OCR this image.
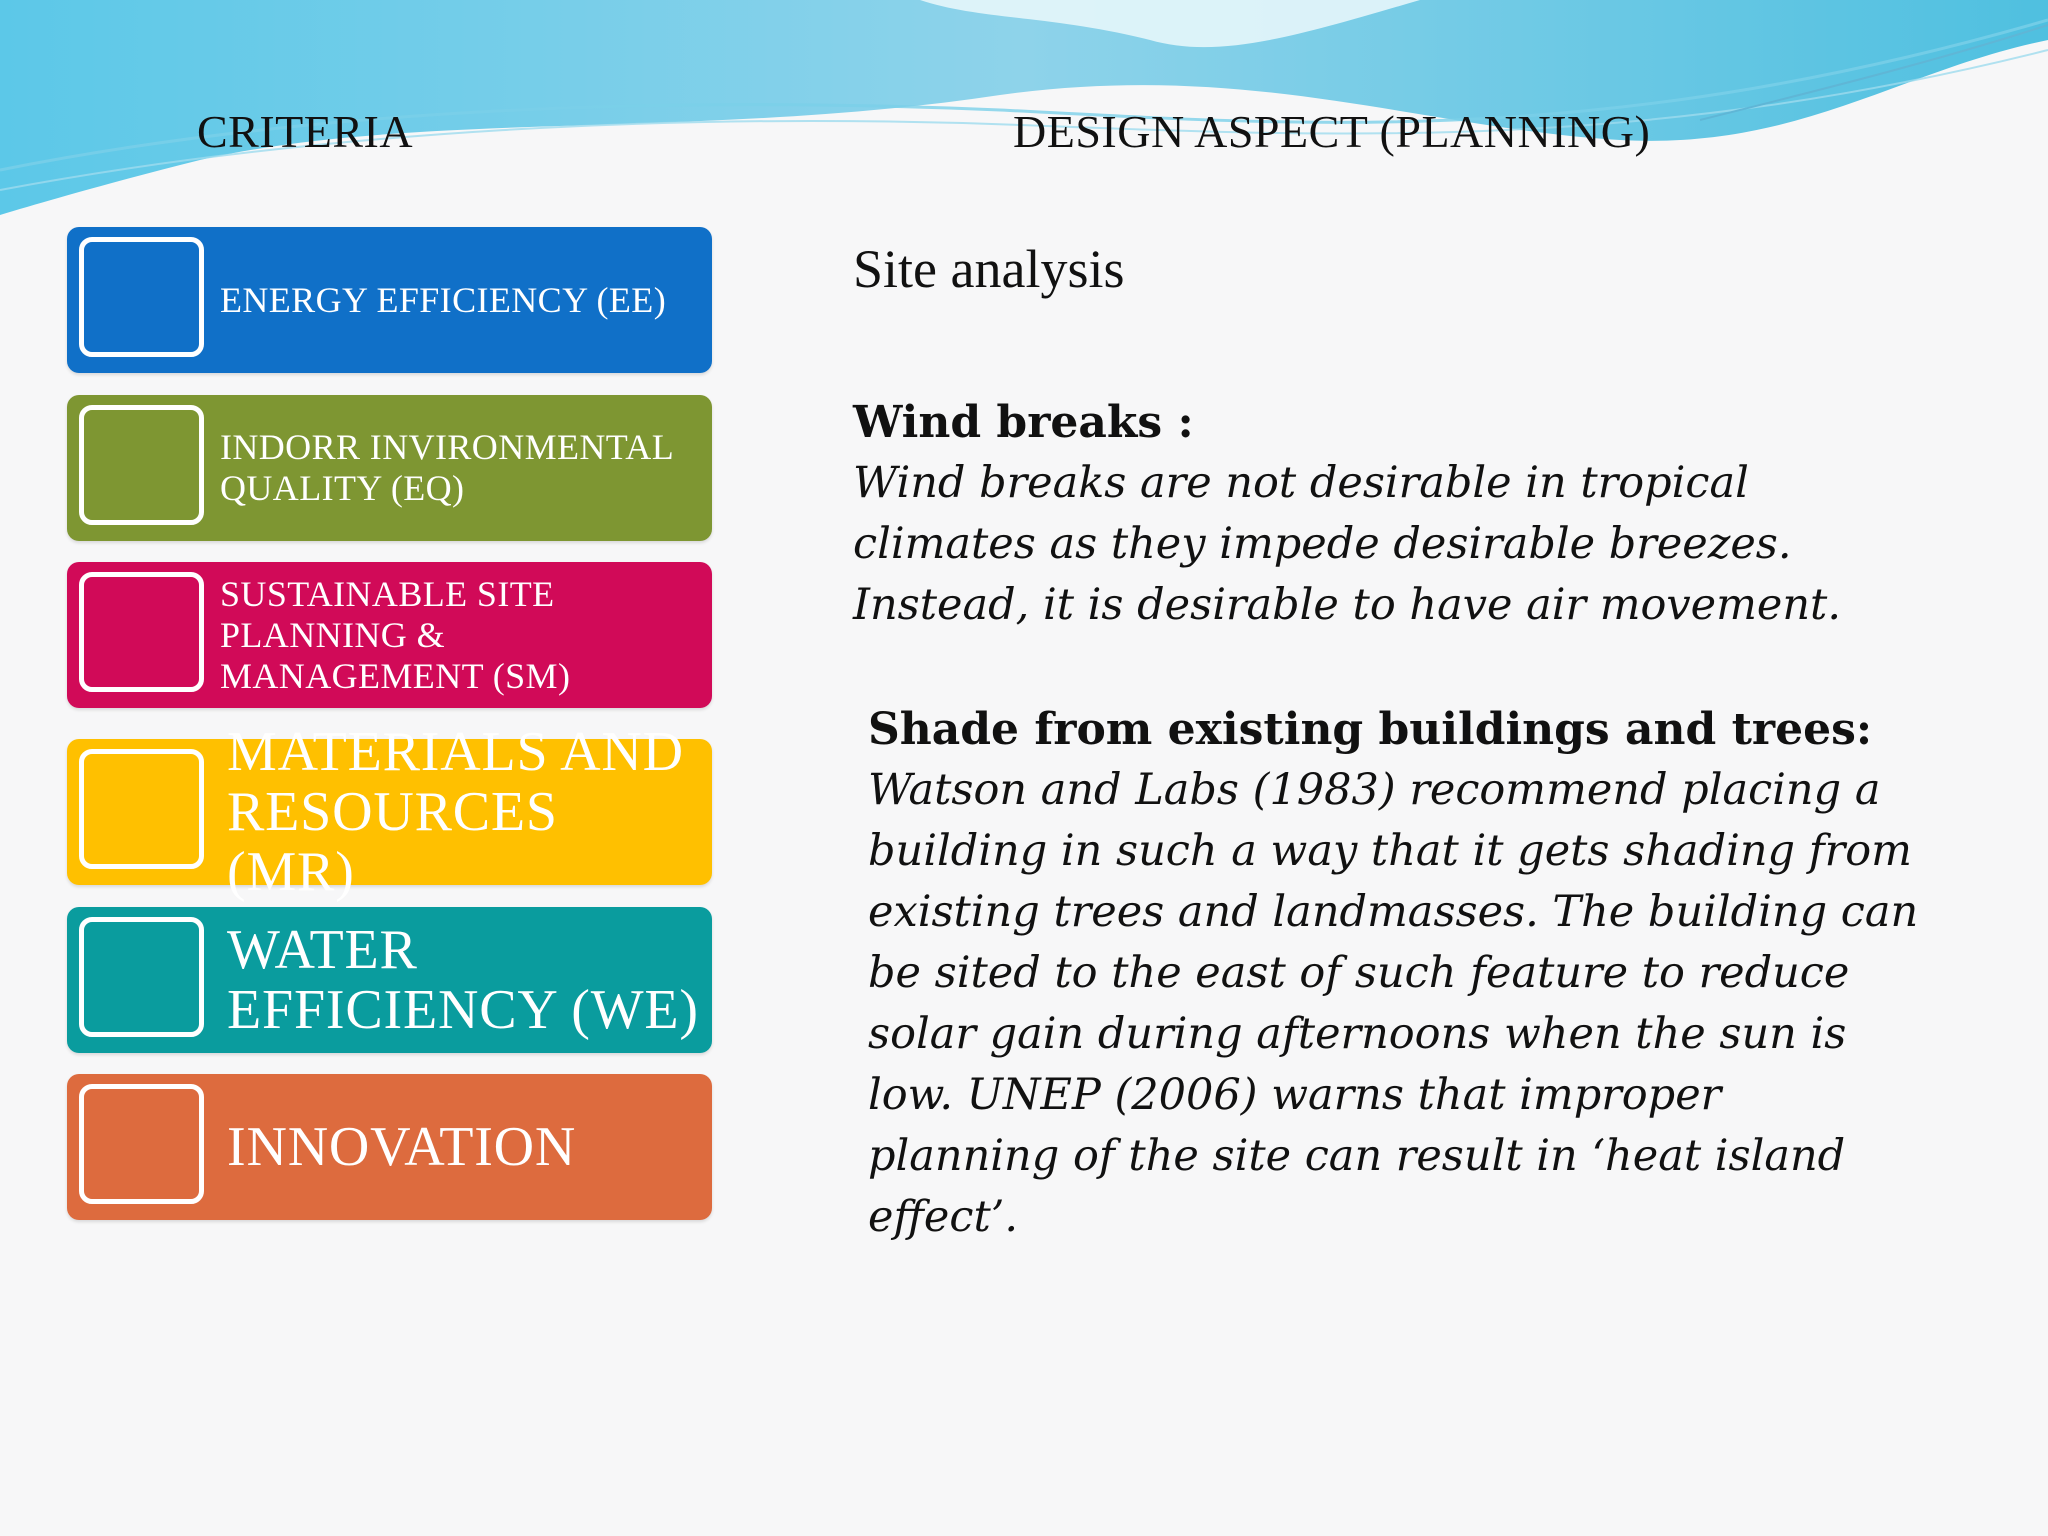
CRITERIA	DESIGN ASPECT (PLANNING)
ENERGY EFFICIENCY (EE)
INDORR INVIRONMENTAL
QUALITY (EQ)
SUSTAINABLE SITE
PLANNING &
MANAGEMENT (SM)
MATERIALS AND
RESOURCES (MR)
WATER
EFFICIENCY (WE)
INNOVATION
Site analysis
Wind breaks :
Wind breaks are not desirable in tropical
climates as they impede desirable breezes.
Instead, it is desirable to have air movement.
Shade from existing buildings and trees:
Watson and Labs (1983) recommend placing a
building in such a way that it gets shading from
existing trees and landmasses. The building can
be sited to the east of such feature to reduce
solar gain during afternoons when the sun is
low. UNEP (2006) warns that improper
planning of the site can result in ‘heat island
effect’.
